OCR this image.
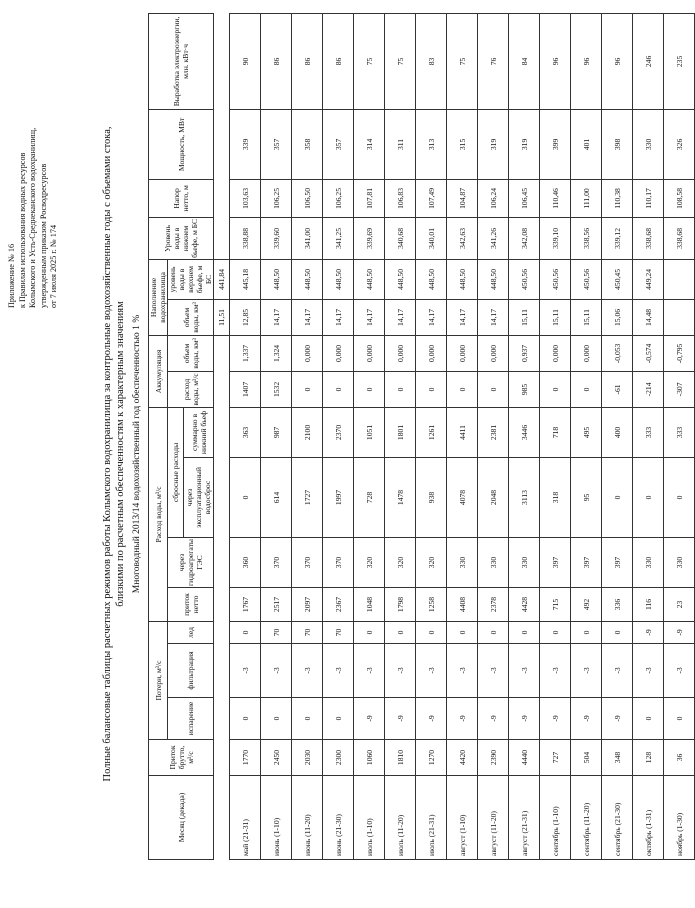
Приложение № 16 к Правилам использования водных ресурсов Колымского и Усть-Среднеканского водохранилищ, утвержденным приказом Росводресурсов от 7 июля 2025 г. № 174	Полные балансовые таблицы расчетных режимов работы Колымского водохранилища за контрольные водохозяйственные годы с объемами стока, близкими по расчетным обеспеченностям к характерным значениям Многоводный 2013/14 водохозяйственный год обеспеченностью 1 %
Месяц (декада)	Приток брутто, м³/с	Потери, м³/с			Расход воды, м³/с				Аккумуляция		Наполнение водохранилища		Уровень воды в нижнем бьефе, м БС	Напор нетто, м	Мощность, МВт	Выработка электроэнергии, млн. кВт·ч
		испарение	фильтрация	лед	приток нетто	через гидроагрегаты ГЭС	сбросные расходы		расход воды, м³/с	объем воды, км³	объем воды, км³	уровень воды в верхнем бьефе, м БС				
							через эксплуатационный водосброс	суммарно в нижний бьеф								
											11,51	441,84				
май (21-31)	1770	0	-3	0	1767	360	0	363	1407	1,337	12,85	445,18	338,88	103,63	339	90
июнь (1-10)	2450	0	-3	70	2517	370	614	987	1532	1,324	14,17	448,50	339,60	106,25	357	86
июнь (11-20)	2030	0	-3	70	2097	370	1727	2100	0	0,000	14,17	448,50	341,00	106,50	358	86
июнь (21-30)	2300	0	-3	70	2367	370	1997	2370	0	0,000	14,17	448,50	341,25	106,25	357	86
июль (1-10)	1060	-9	-3	0	1048	320	728	1051	0	0,000	14,17	448,50	339,69	107,81	314	75
июль (11-20)	1810	-9	-3	0	1798	320	1478	1801	0	0,000	14,17	448,50	340,68	106,83	311	75
июль (21-31)	1270	-9	-3	0	1258	320	938	1261	0	0,000	14,17	448,50	340,01	107,49	313	83
август (1-10)	4420	-9	-3	0	4408	330	4078	4411	0	0,000	14,17	448,50	342,63	104,87	315	75
август (11-20)	2390	-9	-3	0	2378	330	2048	2381	0	0,000	14,17	448,50	341,26	106,24	319	76
август (21-31)	4440	-9	-3	0	4428	330	3113	3446	985	0,937	15,11	450,56	342,08	106,45	319	84
сентябрь (1-10)	727	-9	-3	0	715	397	318	718	0	0,000	15,11	450,56	339,10	110,46	399	96
сентябрь (11-20)	504	-9	-3	0	492	397	95	495	0	0,000	15,11	450,56	338,56	111,00	401	96
сентябрь (21-30)	348	-9	-3	0	336	397	0	400	-61	-0,053	15,06	450,45	339,12	110,38	398	96
октябрь (1-31)	128	0	-3	-9	116	330	0	333	-214	-0,574	14,48	449,24	338,68	110,17	330	246
ноябрь (1-30)	36	0	-3	-9	23	330	0	333	-307	-0,795			338,68	108,58	326	235
